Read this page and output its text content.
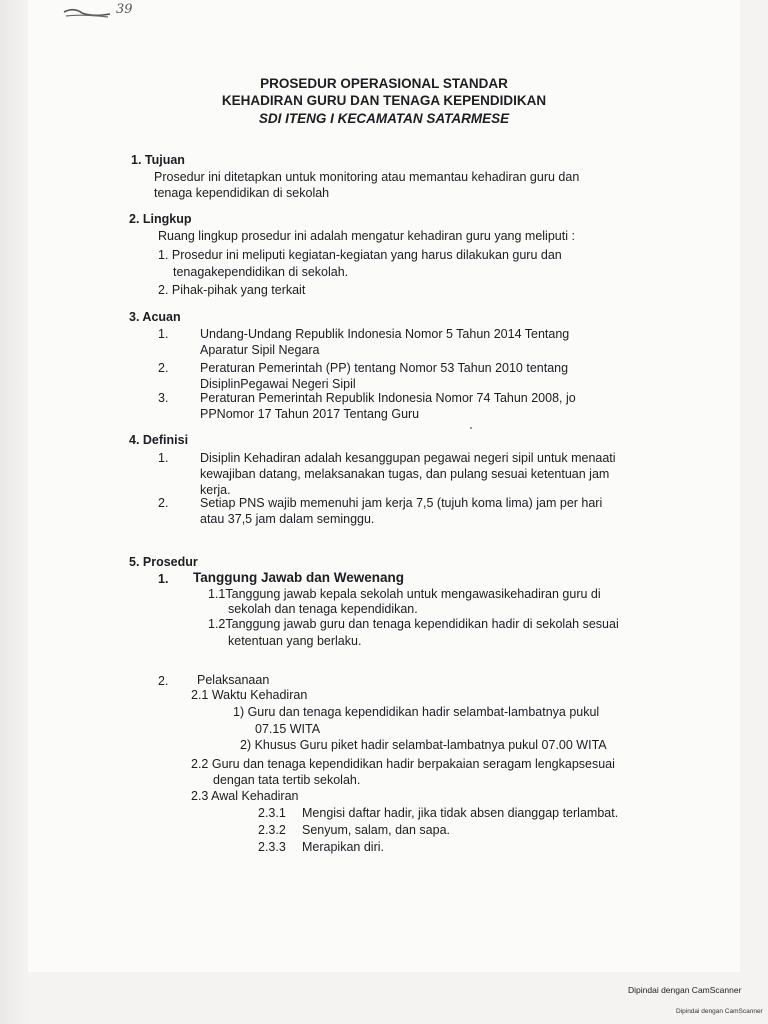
39
PROSEDUR OPERASIONAL STANDAR
KEHADIRAN GURU DAN TENAGA KEPENDIDIKAN
SDI ITENG I KECAMATAN SATARMESE
1. Tujuan
Prosedur ini ditetapkan untuk monitoring atau memantau kehadiran guru dan
tenaga kependidikan di sekolah
2. Lingkup
Ruang lingkup prosedur ini adalah mengatur kehadiran guru yang meliputi :
1. Prosedur ini meliputi kegiatan-kegiatan yang harus dilakukan guru dan
tenagakependidikan di sekolah.
2. Pihak-pihak yang terkait
3. Acuan
1.	Undang-Undang Republik Indonesia Nomor 5 Tahun 2014 Tentang
Aparatur Sipil Negara
2.	Peraturan Pemerintah (PP) tentang Nomor 53 Tahun 2010 tentang
DisiplinPegawai Negeri Sipil
3.	Peraturan Pemerintah Republik Indonesia Nomor 74 Tahun 2008, jo
PPNomor 17 Tahun 2017 Tentang Guru
4. Definisi
1.	Disiplin Kehadiran adalah kesanggupan pegawai negeri sipil untuk menaati
kewajiban datang, melaksanakan tugas, dan pulang sesuai ketentuan jam
kerja.
2.	Setiap PNS wajib memenuhi jam kerja 7,5 (tujuh koma lima) jam per hari
atau 37,5 jam dalam seminggu.
5. Prosedur
1. Tanggung Jawab dan Wewenang
1.1Tanggung jawab kepala sekolah untuk mengawasikehadiran guru di
sekolah dan tenaga kependidikan.
1.2Tanggung jawab guru dan tenaga kependidikan hadir di sekolah sesuai
ketentuan yang berlaku.
2. Pelaksanaan
2.1 Waktu Kehadiran
1) Guru dan tenaga kependidikan hadir selambat-lambatnya pukul
07.15 WITA
2) Khusus Guru piket hadir selambat-lambatnya pukul 07.00 WITA
2.2 Guru dan tenaga kependidikan hadir berpakaian seragam lengkapsesuai
dengan tata tertib sekolah.
2.3 Awal Kehadiran
2.3.1 Mengisi daftar hadir, jika tidak absen dianggap terlambat.
2.3.2 Senyum, salam, dan sapa.
2.3.3 Merapikan diri.
Dipindai dengan CamScanner
Dipindai dengan CamScanner
